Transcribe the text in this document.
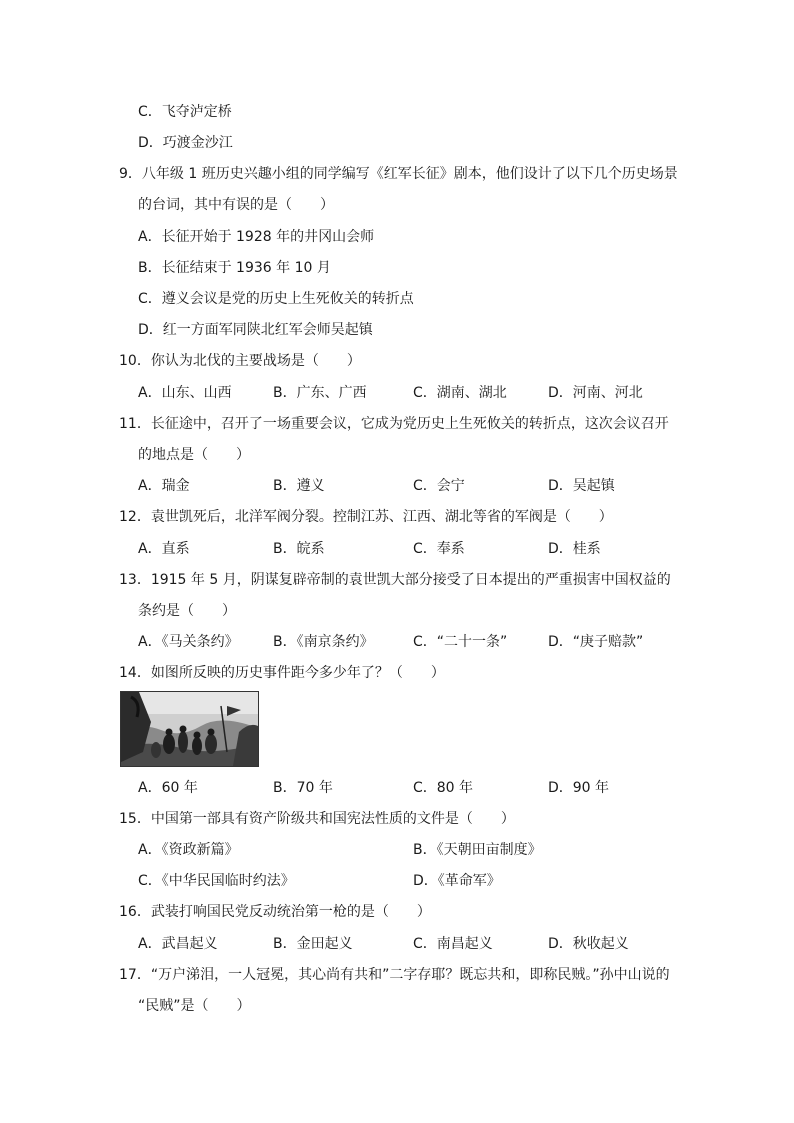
C．飞夺泸定桥
D．巧渡金沙江
9．八年级 1 班历史兴趣小组的同学编写《红军长征》剧本，他们设计了以下几个历史场景
的台词，其中有误的是（　　）
A．长征开始于 1928 年的井冈山会师
B．长征结束于 1936 年 10 月
C．遵义会议是党的历史上生死攸关的转折点
D．红一方面军同陕北红军会师吴起镇
10．你认为北伐的主要战场是（　　）
A．山东、山西	B．广东、广西	C．湖南、湖北	D．河南、河北
11．长征途中，召开了一场重要会议，它成为党历史上生死攸关的转折点，这次会议召开
的地点是（　　）
A．瑞金	B．遵义	C．会宁	D．吴起镇
12．袁世凯死后，北洋军阀分裂。控制江苏、江西、湖北等省的军阀是（　　）
A．直系	B．皖系	C．奉系	D．桂系
13．1915 年 5 月，阴谋复辟帝制的袁世凯大部分接受了日本提出的严重损害中国权益的
条约是（　　）
A．《马关条约》 B．《南京条约》	C．“二十一条”	D．“庚子赔款”
14．如图所反映的历史事件距今多少年了？（　　）
A．60 年	B．70 年	C．80 年	D．90 年
15．中国第一部具有资产阶级共和国宪法性质的文件是（　　）
A．《资政新篇》	B．《天朝田亩制度》
C．《中华民国临时约法》	D．《革命军》
16．武装打响国民党反动统治第一枪的是（　　）
A．武昌起义	B．金田起义	C．南昌起义	D．秋收起义
17．“万户涕泪，一人冠冕，其心尚有共和”二字存耶？既忘共和，即称民贼。”孙中山说的
“民贼”是（　　）
